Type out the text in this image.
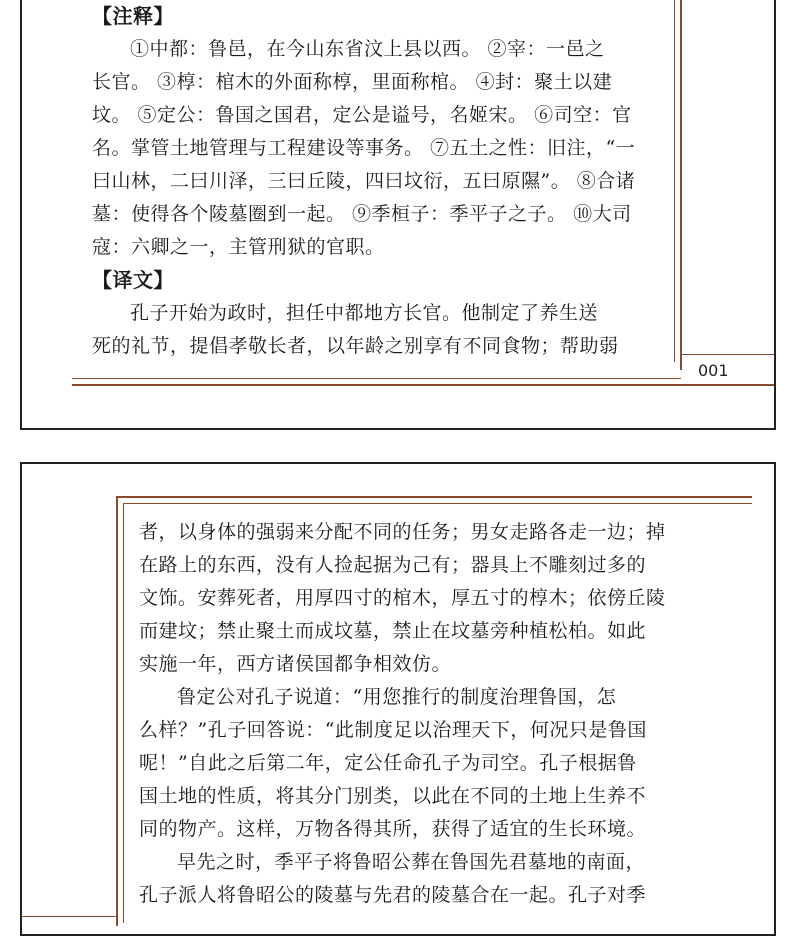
001

【注释】

①中都：鲁邑，在今山东省汶上县以西。 ②宰：一邑之

长官。 ③椁：棺木的外面称椁，里面称棺。 ④封：聚土以建

坟。 ⑤定公：鲁国之国君，定公是谥号，名姬宋。 ⑥司空：官

名。掌管土地管理与工程建设等事务。 ⑦五土之性：旧注，“一

曰山林，二曰川泽，三曰丘陵，四曰坟衍，五曰原隰”。 ⑧合诸

墓：使得各个陵墓圈到一起。 ⑨季桓子：季平子之子。 ⑩大司

寇：六卿之一，主管刑狱的官职。

【译文】

孔子开始为政时，担任中都地方长官。他制定了养生送

死的礼节，提倡孝敬长者，以年龄之别享有不同食物；帮助弱

者，以身体的强弱来分配不同的任务；男女走路各走一边；掉

在路上的东西，没有人捡起据为己有；器具上不雕刻过多的

文饰。安葬死者，用厚四寸的棺木，厚五寸的椁木；依傍丘陵

而建坟；禁止聚土而成坟墓，禁止在坟墓旁种植松柏。如此

实施一年，西方诸侯国都争相效仿。

鲁定公对孔子说道：“用您推行的制度治理鲁国，怎

么样？”孔子回答说：“此制度足以治理天下，何况只是鲁国

呢！”自此之后第二年，定公任命孔子为司空。孔子根据鲁

国土地的性质，将其分门别类，以此在不同的土地上生养不

同的物产。这样，万物各得其所，获得了适宜的生长环境。

早先之时，季平子将鲁昭公葬在鲁国先君墓地的南面，

孔子派人将鲁昭公的陵墓与先君的陵墓合在一起。孔子对季
